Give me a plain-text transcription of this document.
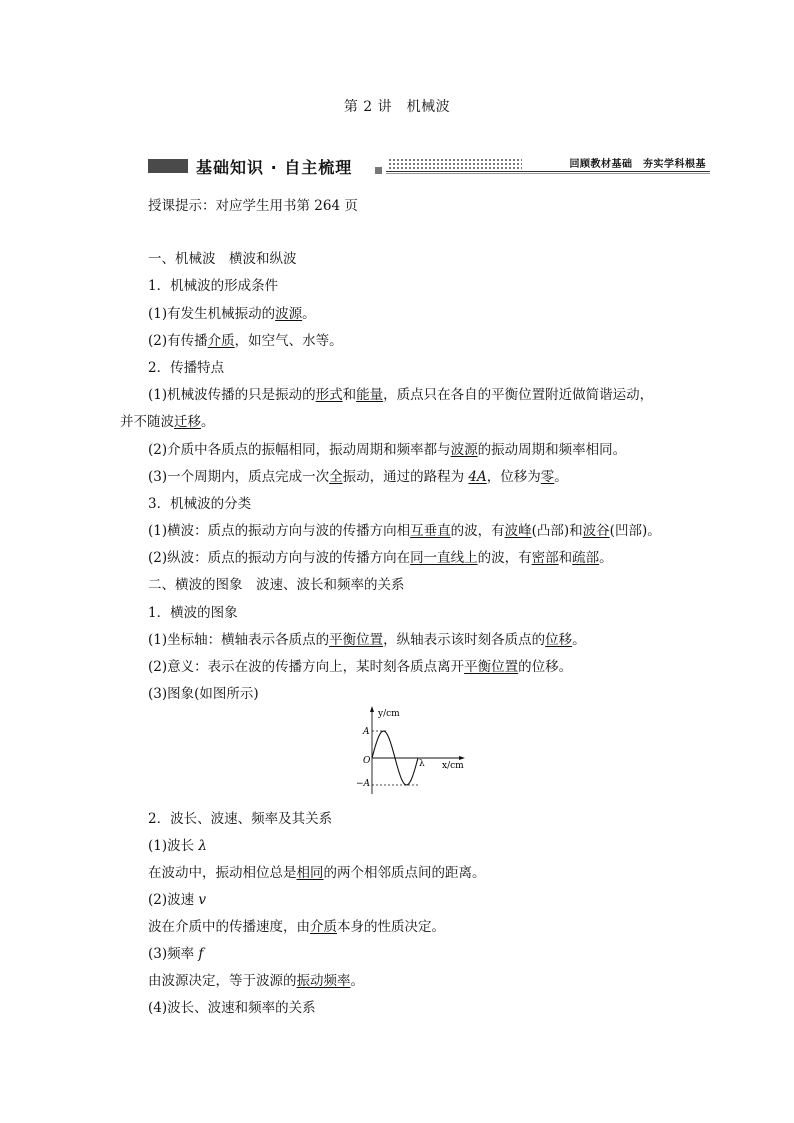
第 2 讲　机械波
基础知识 · 自主梳理	回顾教材基础　夯实学科根基
授课提示：对应学生用书第 264 页
一、机械波　横波和纵波
1．机械波的形成条件
(1)有发生机械振动的波源。
(2)有传播介质，如空气、水等。
2．传播特点
(1)机械波传播的只是振动的形式和能量，质点只在各自的平衡位置附近做简谐运动，
并不随波迁移。
(2)介质中各质点的振幅相同，振动周期和频率都与波源的振动周期和频率相同。
(3)一个周期内，质点完成一次全振动，通过的路程为 4A，位移为零。
3．机械波的分类
(1)横波：质点的振动方向与波的传播方向相互垂直的波，有波峰(凸部)和波谷(凹部)。
(2)纵波：质点的振动方向与波的传播方向在同一直线上的波，有密部和疏部。
二、横波的图象　波速、波长和频率的关系
1．横波的图象
(1)坐标轴：横轴表示各质点的平衡位置，纵轴表示该时刻各质点的位移。
(2)意义：表示在波的传播方向上，某时刻各质点离开平衡位置的位移。
(3)图象(如图所示)
y/cm
x/cm
A
O
−A
λ
2．波长、波速、频率及其关系
(1)波长 λ
在波动中，振动相位总是相同的两个相邻质点间的距离。
(2)波速 v
波在介质中的传播速度，由介质本身的性质决定。
(3)频率 f
由波源决定，等于波源的振动频率。
(4)波长、波速和频率的关系
